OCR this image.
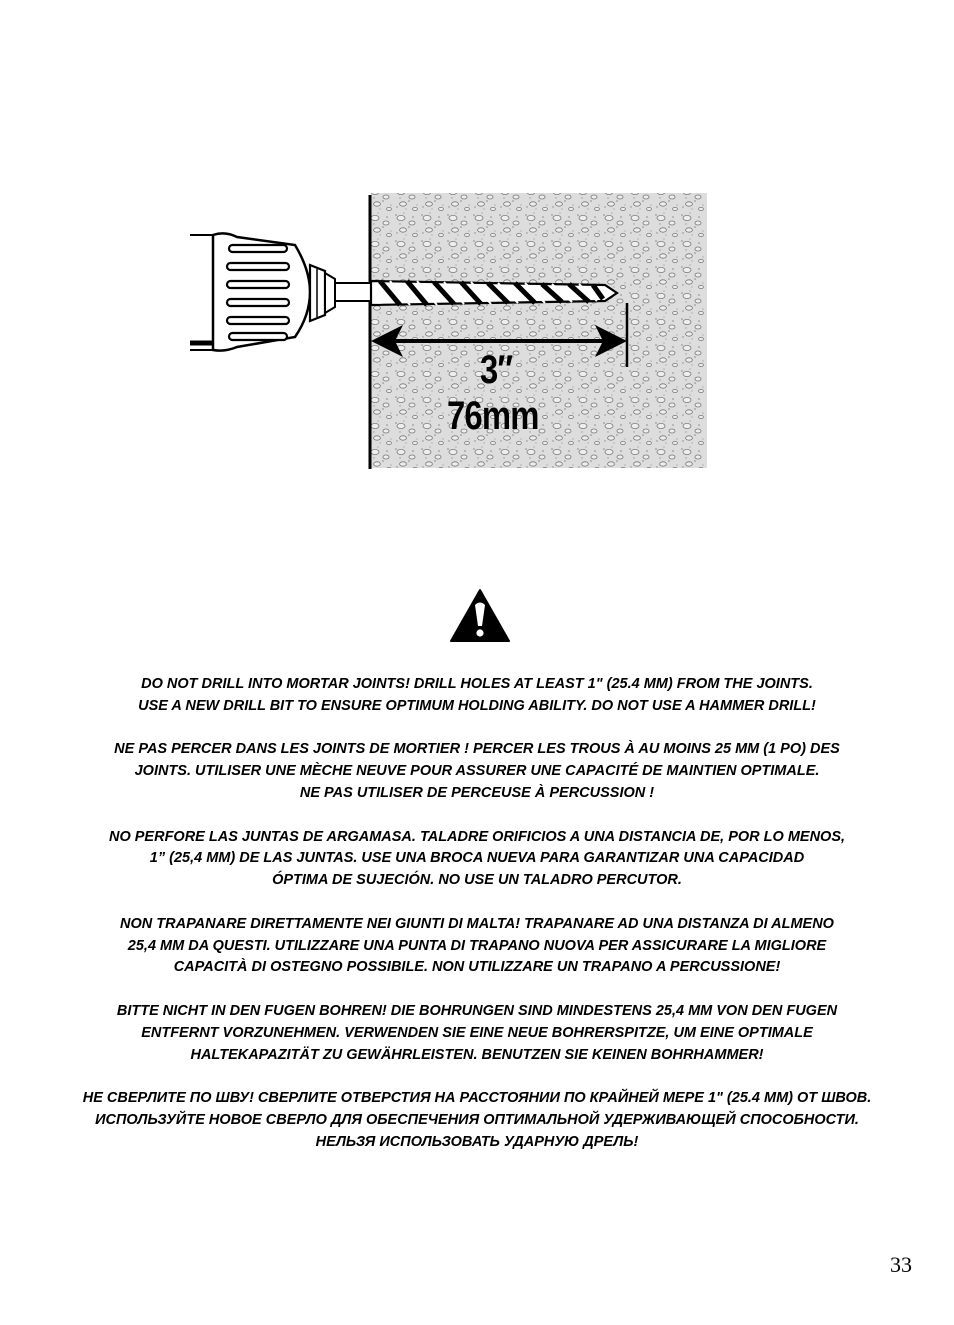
3″
76mm
DO NOT DRILL INTO MORTAR JOINTS! DRILL HOLES AT LEAST 1" (25.4 MM) FROM THE JOINTS.
USE A NEW DRILL BIT TO ENSURE OPTIMUM HOLDING ABILITY. DO NOT USE A HAMMER DRILL!
NE PAS PERCER DANS LES JOINTS DE MORTIER ! PERCER LES TROUS À AU MOINS 25 MM (1 PO) DES
JOINTS. UTILISER UNE MÈCHE NEUVE POUR ASSURER UNE CAPACITÉ DE MAINTIEN OPTIMALE.
NE PAS UTILISER DE PERCEUSE À PERCUSSION !
NO PERFORE LAS JUNTAS DE ARGAMASA. TALADRE ORIFICIOS A UNA DISTANCIA DE, POR LO MENOS,
1” (25,4 MM) DE LAS JUNTAS. USE UNA BROCA NUEVA PARA GARANTIZAR UNA CAPACIDAD
ÓPTIMA DE SUJECIÓN. NO USE UN TALADRO PERCUTOR.
NON TRAPANARE DIRETTAMENTE NEI GIUNTI DI MALTA! TRAPANARE AD UNA DISTANZA DI ALMENO
25,4 MM DA QUESTI. UTILIZZARE UNA PUNTA DI TRAPANO NUOVA PER ASSICURARE LA MIGLIORE
CAPACITÀ DI OSTEGNO POSSIBILE. NON UTILIZZARE UN TRAPANO A PERCUSSIONE!
BITTE NICHT IN DEN FUGEN BOHREN! DIE BOHRUNGEN SIND MINDESTENS 25,4 MM VON DEN FUGEN
ENTFERNT VORZUNEHMEN. VERWENDEN SIE EINE NEUE BOHRERSPITZE, UM EINE OPTIMALE
HALTEKAPAZITÄT ZU GEWÄHRLEISTEN. BENUTZEN SIE KEINEN BOHRHAMMER!
НЕ СВЕРЛИТЕ ПО ШВУ! СВЕРЛИТЕ ОТВЕРСТИЯ НА РАССТОЯНИИ ПО КРАЙНЕЙ МЕРЕ 1" (25.4 MM) ОТ ШВОВ.
ИСПОЛЬЗУЙТЕ НОВОЕ СВЕРЛО ДЛЯ ОБЕСПЕЧЕНИЯ ОПТИМАЛЬНОЙ УДЕРЖИВАЮЩЕЙ СПОСОБНОСТИ.
НЕЛЬЗЯ ИСПОЛЬЗОВАТЬ УДАРНУЮ ДРЕЛЬ!
33
